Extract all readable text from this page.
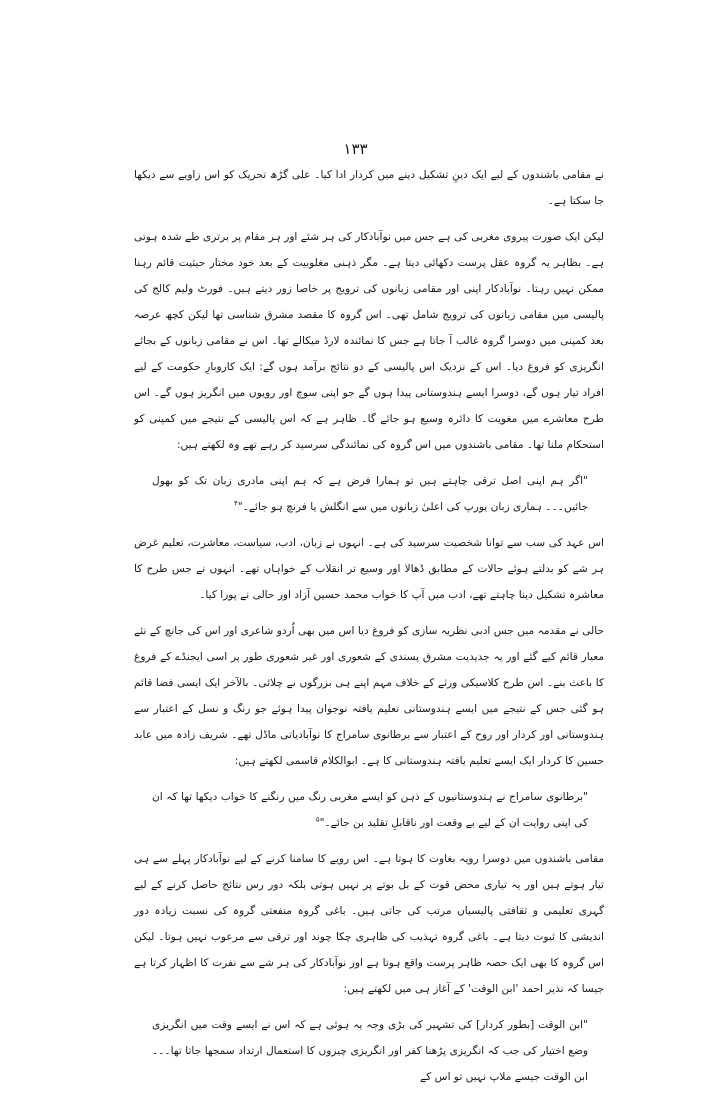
۱۳۳

نے مقامی باشندوں کے لیے ایک دینِ تشکیل دینے میں کردار ادا کیا۔ علی گڑھ تحریک کو اس زاویے سے دیکھا جا سکتا ہے۔

لیکن ایک صورت پیروی مغربی کی ہے جس میں نوآبادکار کی ہر شئے اور ہر مقام پر برتری طے شدہ ہوتی ہے۔ بظاہر یہ گروہ عقل پرست دکھائی دیتا ہے۔ مگر ذہنی مغلوبیت کے بعد خود مختار حیثیت قائم رہنا ممکن نہیں رہتا۔ نوآبادکار اپنی اور مقامی زبانوں کی ترویج پر خاصا زور دیتے ہیں۔ فورٹ ولیم کالج کی پالیسی میں مقامی زبانوں کی ترویج شامل تھی۔ اس گروہ کا مقصد مشرق شناسی تھا لیکن کچھ عرصہ بعد کمپنی میں دوسرا گروہ غالب آ جاتا ہے جس کا نمائندہ لارڈ میکالے تھا۔ اس نے مقامی زبانوں کے بجائے انگریزی کو فروغ دیا۔ اس کے نزدیک اس پالیسی کے دو نتائج برآمد ہوں گے: ایک کاروبارِ حکومت کے لیے افراد تیار ہوں گے، دوسرا ایسے ہندوستانی پیدا ہوں گے جو اپنی سوچ اور رویوں میں انگریز ہوں گے۔ اس طرح معاشرے میں مغویت کا دائرہ وسیع ہو جائے گا۔ ظاہر ہے کہ اس پالیسی کے نتیجے میں کمپنی کو استحکام ملنا تھا۔ مقامی باشندوں میں اس گروہ کی نمائندگی سرسید کر رہے تھے وہ لکھتے ہیں:

"اگر ہم اپنی اصل ترقی چاہتے ہیں تو ہمارا فرض ہے کہ ہم اپنی مادری زبان تک کو بھول جائیں۔۔۔ ہماری زبان یورپ کی اعلیٰ زبانوں میں سے انگلش یا فرنچ ہو جائے۔"$^۴$

اس عہد کی سب سے توانا شخصیت سرسید کی ہے۔ انہوں نے زبان، ادب، سیاست، معاشرت، تعلیم غرض ہر شے کو بدلتے ہوئے حالات کے مطابق ڈھالا اور وسیع تر انقلاب کے خواہاں تھے۔ انہوں نے جس طرح کا معاشرہ تشکیل دینا چاہتے تھے، ادب میں آپ کا خواب محمد حسین آزاد اور حالی نے پورا کیا۔

حالی نے مقدمہ میں جس ادبی نظریہ سازی کو فروغ دیا اس میں بھی اُردو شاعری اور اس کی جانچ کے نئے معیار قائم کیے گئے اور یہ جدیدیت مشرق پسندی کے شعوری اور غیر شعوری طور پر اسی ایجنڈے کے فروغ کا باعث بنے۔ اس طرح کلاسیکی ورثے کے خلاف مہم اپنے ہی بزرگوں نے چلائی۔ بالآخر ایک ایسی فضا قائم ہو گئی جس کے نتیجے میں ایسے ہندوستانی تعلیم یافتہ نوجوان پیدا ہوئے جو رنگ و نسل کے اعتبار سے ہندوستانی اور کردار اور روح کے اعتبار سے برطانوی سامراج کا نوآبادیاتی ماڈل تھے۔ شریف زادہ میں عابد حسین کا کردار ایک ایسے تعلیم یافتہ ہندوستانی کا ہے۔ ابوالکلام قاسمی لکھتے ہیں:

"برطانوی سامراج نے ہندوستانیوں کے ذہن کو ایسے مغربی رنگ میں رنگنے کا خواب دیکھا تھا کہ ان کی اپنی روایت ان کے لیے بے وقعت اور ناقابلِ تقلید بن جائے۔"$^۵$

مقامی باشندوں میں دوسرا رویہ بغاوت کا ہوتا ہے۔ اس رویے کا سامنا کرنے کے لیے نوآبادکار پہلے سے ہی تیار ہوتے ہیں اور یہ تیاری محض قوت کے بل بوتے پر نہیں ہوتی بلکہ دور رس نتائج حاصل کرنے کے لیے گہری تعلیمی و ثقافتی پالیسیاں مرتب کی جاتی ہیں۔ باغی گروہ منفعتی گروہ کی نسبت زیادہ دور اندیشی کا ثبوت دیتا ہے۔ باغی گروہ تہذیب کی ظاہری چکا چوند اور ترقی سے مرعوب نہیں ہوتا۔ لیکن اس گروہ کا بھی ایک حصہ ظاہر پرست واقع ہوتا ہے اور نوآبادکار کی ہر شے سے نفرت کا اظہار کرتا ہے جیسا کہ نذیر احمد 'ابن الوقت' کے آغاز ہی میں لکھتے ہیں:

"ابن الوقت [بطور کردار] کی تشہیر کی بڑی وجہ یہ ہوئی ہے کہ اس نے ایسے وقت میں انگریزی وضع اختیار کی جب کہ انگریزی پڑھنا کفر اور انگریزی چیزوں کا استعمال ارتداد سمجھا جاتا تھا۔۔۔ ابن الوقت جیسے ملاپ نہیں تو اس کے
